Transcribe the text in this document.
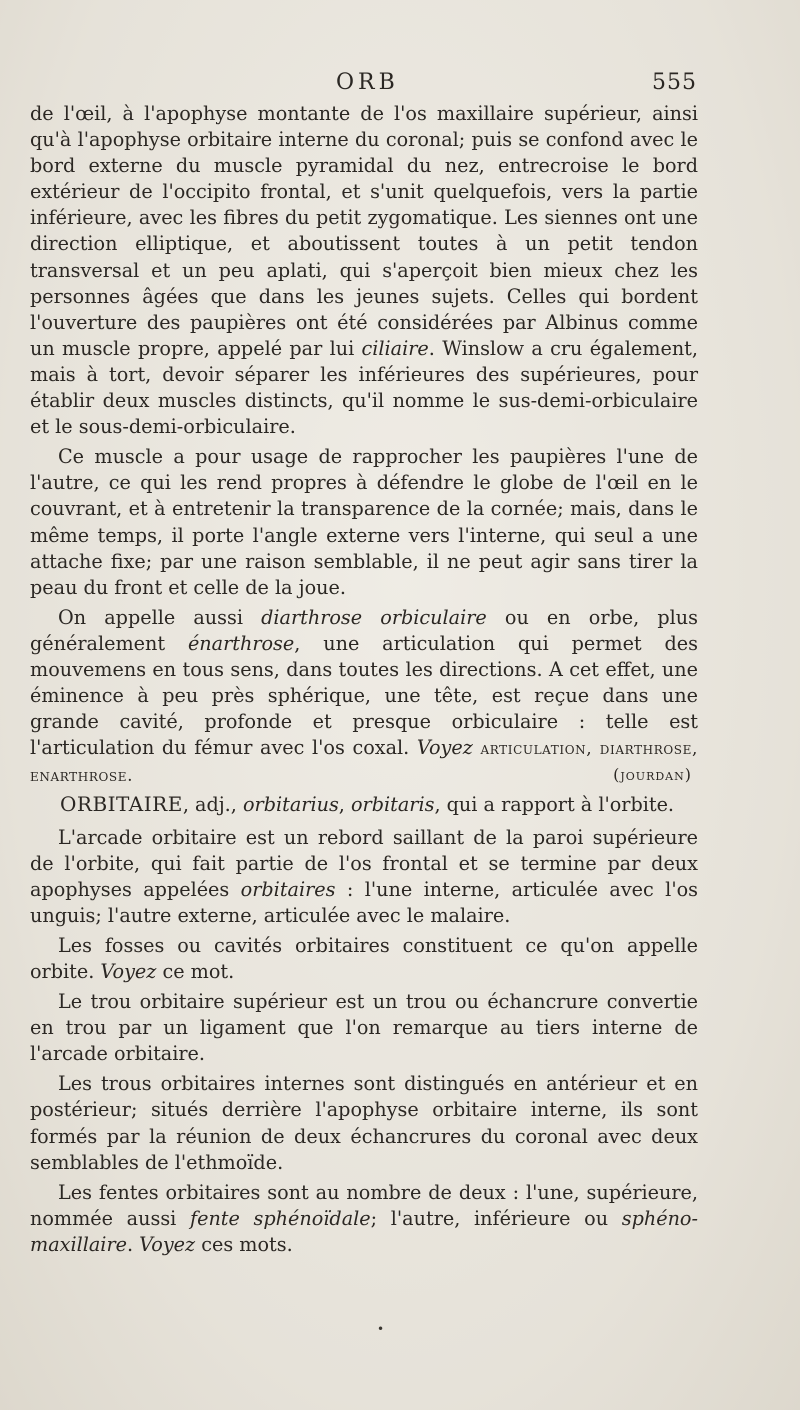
ORB	555

de l'œil, à l'apophyse montante de l'os maxillaire supérieur, ainsi qu'à l'apophyse orbitaire interne du coronal; puis se confond avec le bord externe du muscle pyramidal du nez, entrecroise le bord extérieur de l'occipito frontal, et s'unit quelquefois, vers la partie inférieure, avec les fibres du petit zygomatique. Les siennes ont une direction elliptique, et aboutissent toutes à un petit tendon transversal et un peu aplati, qui s'aperçoit bien mieux chez les personnes âgées que dans les jeunes sujets. Celles qui bordent l'ouverture des paupières ont été considérées par Albinus comme un muscle propre, appelé par lui ciliaire. Winslow a cru également, mais à tort, devoir séparer les inférieures des supérieures, pour établir deux muscles distincts, qu'il nomme le sus-demi-orbiculaire et le sous-demi-orbiculaire.

Ce muscle a pour usage de rapprocher les paupières l'une de l'autre, ce qui les rend propres à défendre le globe de l'œil en le couvrant, et à entretenir la transparence de la cornée; mais, dans le même temps, il porte l'angle externe vers l'interne, qui seul a une attache fixe; par une raison semblable, il ne peut agir sans tirer la peau du front et celle de la joue.

On appelle aussi diarthrose orbiculaire ou en orbe, plus généralement énarthrose, une articulation qui permet des mouvemens en tous sens, dans toutes les directions. A cet effet, une éminence à peu près sphérique, une tête, est reçue dans une grande cavité, profonde et presque orbiculaire : telle est l'articulation du fémur avec l'os coxal. Voyez articulation, diarthrose, enarthrose.	(jourdan)

ORBITAIRE, adj., orbitarius, orbitaris, qui a rapport à l'orbite.

L'arcade orbitaire est un rebord saillant de la paroi supérieure de l'orbite, qui fait partie de l'os frontal et se termine par deux apophyses appelées orbitaires : l'une interne, articulée avec l'os unguis; l'autre externe, articulée avec le malaire.

Les fosses ou cavités orbitaires constituent ce qu'on appelle orbite. Voyez ce mot.

Le trou orbitaire supérieur est un trou ou échancrure convertie en trou par un ligament que l'on remarque au tiers interne de l'arcade orbitaire.

Les trous orbitaires internes sont distingués en antérieur et en postérieur; situés derrière l'apophyse orbitaire interne, ils sont formés par la réunion de deux échancrures du coronal avec deux semblables de l'ethmoïde.

Les fentes orbitaires sont au nombre de deux : l'une, supérieure, nommée aussi fente sphénoïdale; l'autre, inférieure ou sphéno-maxillaire. Voyez ces mots.

•
